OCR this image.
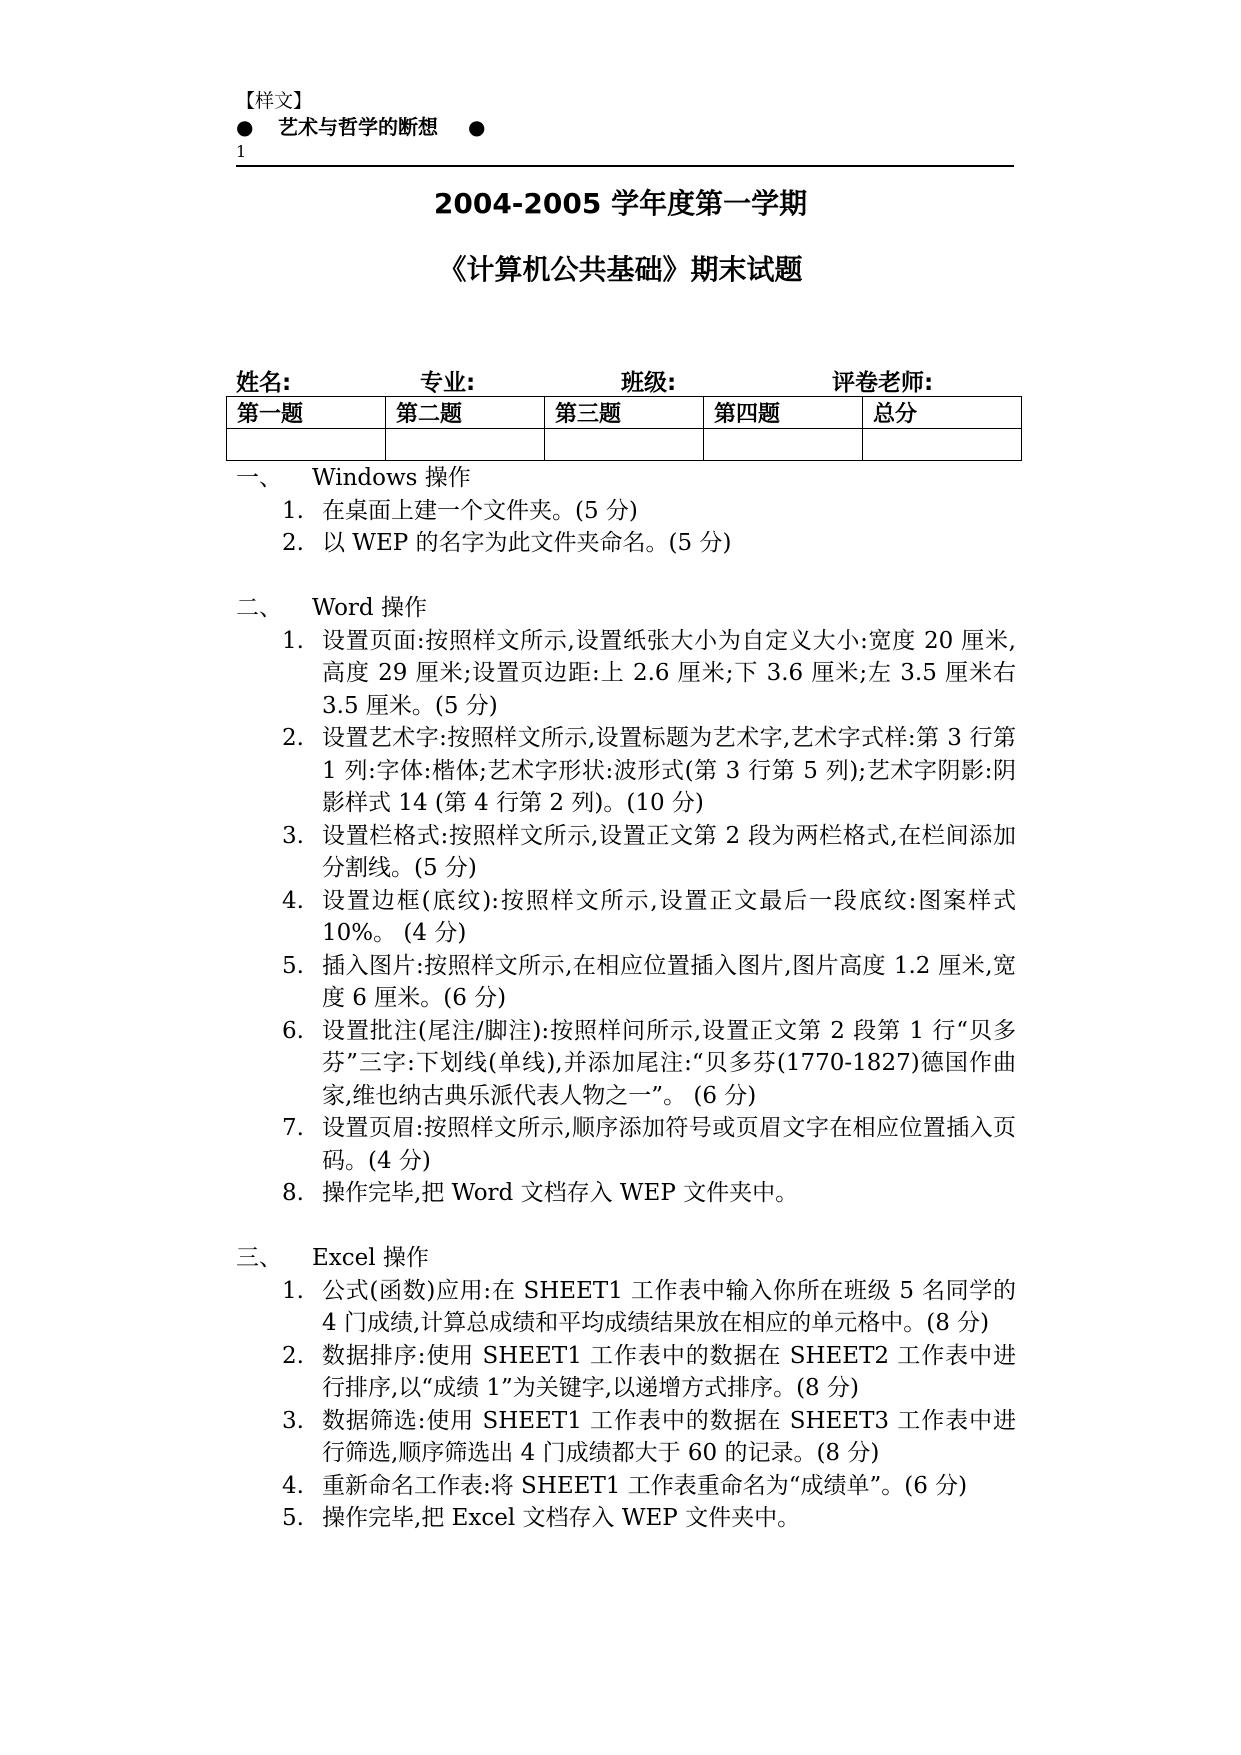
【样文】
● 艺术与哲学的断想 ●
1
2004-2005 学年度第一学期
《计算机公共基础》期末试题
姓名:	专业:	班级:	评卷老师:
第一题	第二题	第三题	第四题	总分

一、 Windows 操作
1. 在桌面上建一个文件夹。(5 分)
2. 以 WEP 的名字为此文件夹命名。(5 分)
二、 Word 操作
1. 设置页面:按照样文所示,设置纸张大小为自定义大小:宽度 20 厘米,高度 29 厘米;设置页边距:上 2.6 厘米;下 3.6 厘米;左 3.5 厘米右 3.5 厘米。(5 分)
2. 设置艺术字:按照样文所示,设置标题为艺术字,艺术字式样:第 3 行第 1 列:字体:楷体;艺术字形状:波形式(第 3 行第 5 列);艺术字阴影:阴影样式 14 (第 4 行第 2 列)。(10 分)
3. 设置栏格式:按照样文所示,设置正文第 2 段为两栏格式,在栏间添加分割线。(5 分)
4. 设置边框(底纹):按照样文所示,设置正文最后一段底纹:图案样式 10%。 (4 分)
5. 插入图片:按照样文所示,在相应位置插入图片,图片高度 1.2 厘米,宽度 6 厘米。(6 分)
6. 设置批注(尾注/脚注):按照样问所示,设置正文第 2 段第 1 行“贝多芬”三字:下划线(单线),并添加尾注:“贝多芬(1770-1827)德国作曲家,维也纳古典乐派代表人物之一”。 (6 分)
7. 设置页眉:按照样文所示,顺序添加符号或页眉文字在相应位置插入页码。(4 分)
8. 操作完毕,把 Word 文档存入 WEP 文件夹中。
三、 Excel 操作
1. 公式(函数)应用:在 SHEET1 工作表中输入你所在班级 5 名同学的 4 门成绩,计算总成绩和平均成绩结果放在相应的单元格中。(8 分)
2. 数据排序:使用 SHEET1 工作表中的数据在 SHEET2 工作表中进行排序,以“成绩 1”为关键字,以递增方式排序。(8 分)
3. 数据筛选:使用 SHEET1 工作表中的数据在 SHEET3 工作表中进行筛选,顺序筛选出 4 门成绩都大于 60 的记录。(8 分)
4. 重新命名工作表:将 SHEET1 工作表重命名为“成绩单”。(6 分)
5. 操作完毕,把 Excel 文档存入 WEP 文件夹中。
